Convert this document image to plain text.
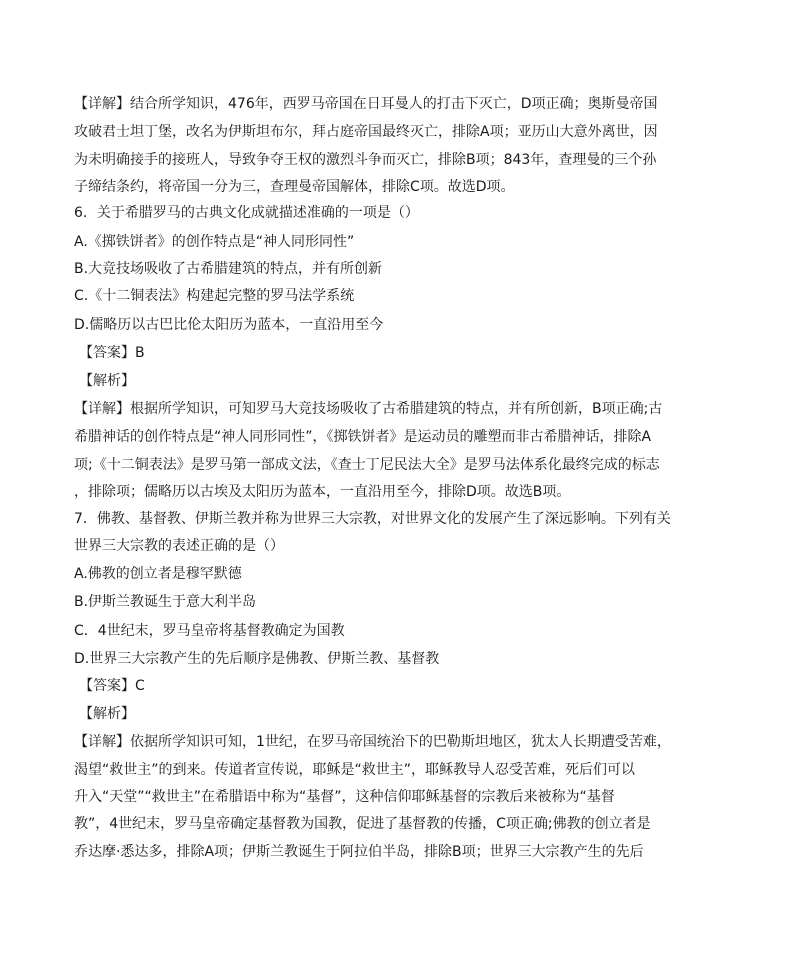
【详解】结合所学知识，476年，西罗马帝国在日耳曼人的打击下灭亡，D项正确；奥斯曼帝国
攻破君士坦丁堡，改名为伊斯坦布尔，拜占庭帝国最终灭亡，排除A项；亚历山大意外离世，因
为未明确接手的接班人，导致争夺王权的激烈斗争而灭亡，排除B项；843年，查理曼的三个孙
子缔结条约，将帝国一分为三，查理曼帝国解体，排除C项。故选D项。
6．关于希腊罗马的古典文化成就描述准确的一项是（）
A.《掷铁饼者》的创作特点是“神人同形同性”
B.大竞技场吸收了古希腊建筑的特点，并有所创新
C.《十二铜表法》构建起完整的罗马法学系统
D.儒略历以古巴比伦太阳历为蓝本，一直沿用至今
【答案】B
【解析】
【详解】根据所学知识，可知罗马大竞技场吸收了古希腊建筑的特点，并有所创新，B项正确;古
希腊神话的创作特点是“神人同形同性”，《掷铁饼者》是运动员的雕塑而非古希腊神话，排除A
项;《十二铜表法》是罗马第一部成文法，《查士丁尼民法大全》是罗马法体系化最终完成的标志
，排除项；儒略历以古埃及太阳历为蓝本，一直沿用至今，排除D项。故选B项。
7．佛教、基督教、伊斯兰教并称为世界三大宗教，对世界文化的发展产生了深远影响。下列有关
世界三大宗教的表述正确的是（）
A.佛教的创立者是穆罕默德
B.伊斯兰教诞生于意大利半岛
C．4世纪末，罗马皇帝将基督教确定为国教
D.世界三大宗教产生的先后顺序是佛教、伊斯兰教、基督教
【答案】C
【解析】
【详解】依据所学知识可知，1世纪，在罗马帝国统治下的巴勒斯坦地区，犹太人长期遭受苦难，
渴望“救世主”的到来。传道者宣传说，耶稣是“救世主”，耶稣教导人忍受苦难，死后们可以
升入“天堂”“救世主”在希腊语中称为“基督”，这种信仰耶稣基督的宗教后来被称为“基督
教”，4世纪末，罗马皇帝确定基督教为国教，促进了基督教的传播，C项正确;佛教的创立者是
乔达摩·悉达多，排除A项；伊斯兰教诞生于阿拉伯半岛，排除B项；世界三大宗教产生的先后
